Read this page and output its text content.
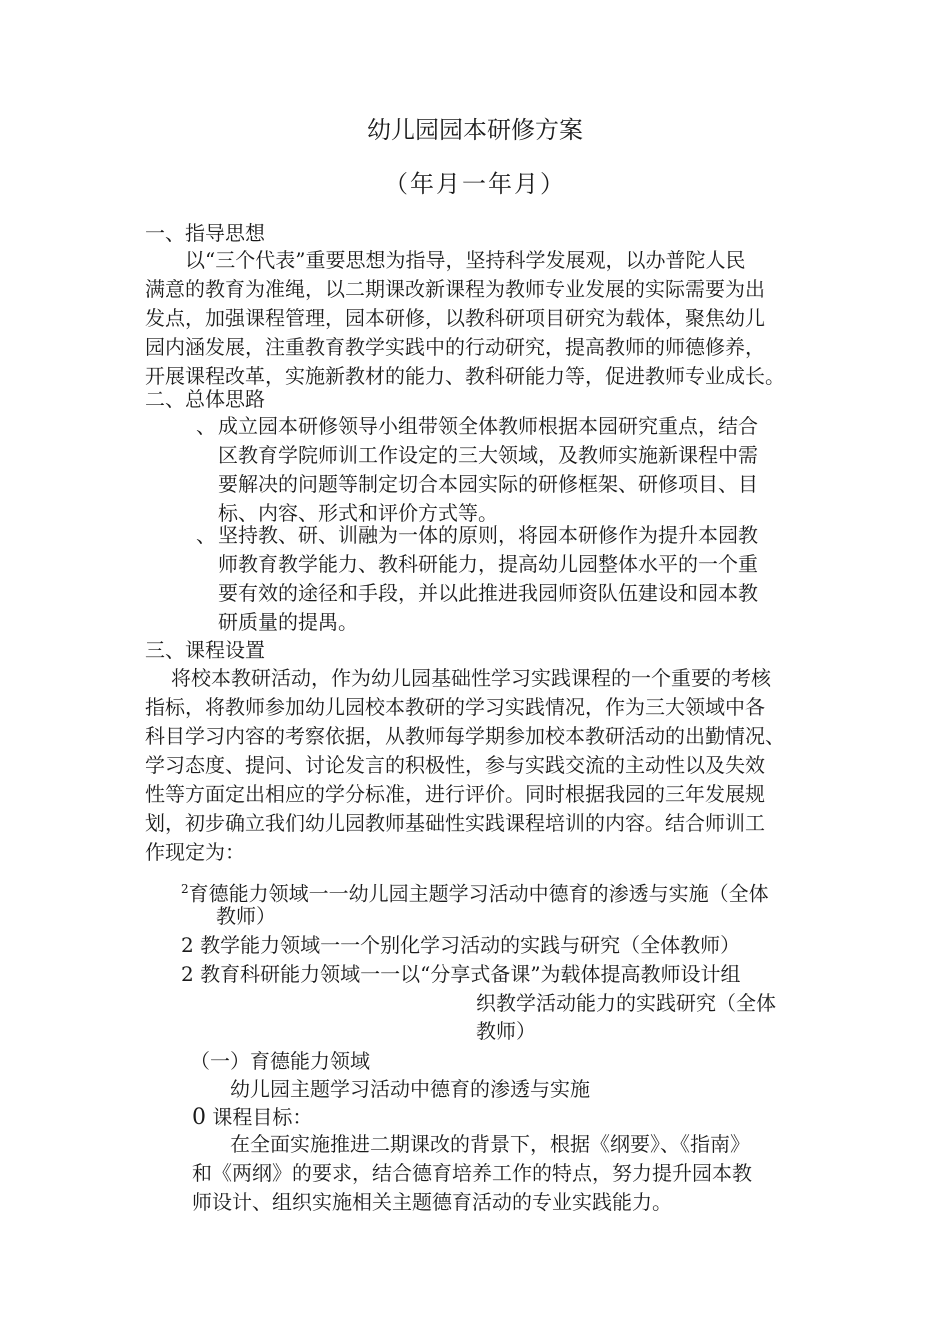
幼儿园园本研修方案
（年月一年月）
一、指导思想
以“三个代表”重要思想为指导，坚持科学发展观，以办普陀人民
满意的教育为准绳，以二期课改新课程为教师专业发展的实际需要为出
发点，加强课程管理，园本研修，以教科研项目研究为载体，聚焦幼儿
园内涵发展，注重教育教学实践中的行动研究，提高教师的师德修养，
开展课程改革，实施新教材的能力、教科研能力等，促进教师专业成长。
二、总体思路
、 成立园本研修领导小组带领全体教师根据本园研究重点，结合
区教育学院师训工作设定的三大领域，及教师实施新课程中需
要解决的问题等制定切合本园实际的研修框架、研修项目、目
标、内容、形式和评价方式等。
、 坚持教、研、训融为一体的原则，将园本研修作为提升本园教
师教育教学能力、教科研能力，提高幼儿园整体水平的一个重
要有效的途径和手段，并以此推进我园师资队伍建设和园本教
研质量的提禺。
三、课程设置
将校本教研活动，作为幼儿园基础性学习实践课程的一个重要的考核
指标，将教师参加幼儿园校本教研的学习实践情况，作为三大领域中各
科目学习内容的考察依据，从教师每学期参加校本教研活动的出勤情况、
学习态度、提问、讨论发言的积极性，参与实践交流的主动性以及失效
性等方面定出相应的学分标准，进行评价。同时根据我园的三年发展规
划，初步确立我们幼儿园教师基础性实践课程培训的内容。结合师训工
作现定为：
$^2$育德能力领域一一幼儿园主题学习活动中德育的渗透与实施（全体
教师）
2 教学能力领域一一个别化学习活动的实践与研究（全体教师）
2 教育科研能力领域一一以“分享式备课”为载体提高教师设计组
织教学活动能力的实践研究（全体
教师）
（一）育德能力领域
幼儿园主题学习活动中德育的渗透与实施
0 课程目标：
在全面实施推进二期课改的背景下，根据《纲要》、《指南》
和《两纲》的要求，结合德育培养工作的特点，努力提升园本教
师设计、组织实施相关主题德育活动的专业实践能力。
